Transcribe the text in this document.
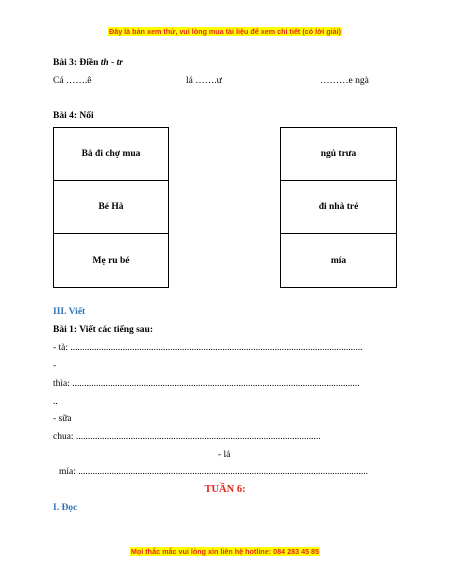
Đây là bản xem thử, vui lòng mua tài liệu để xem chi tiết (có lời giải)
Bài 3: Điền th - tr
Cá …….ê	lá …….ư	………e ngà
Bài 4: Nối
Bà đi chợ mua
Bé Hà
Mẹ ru bé
ngủ trưa
đi nhà trẻ
mía
III. Viết
Bài 1: Viết các tiếng sau:
- tà: ...........................................................................................................................
-
thìa: .........................................................................................................................
..
- sữa
chua: .......................................................................................................
- lá
mía: ..........................................................................................................................
TUẦN 6:
I. Đọc
Mọi thắc mắc vui lòng xin liên hệ hotline: 084 283 45 85
